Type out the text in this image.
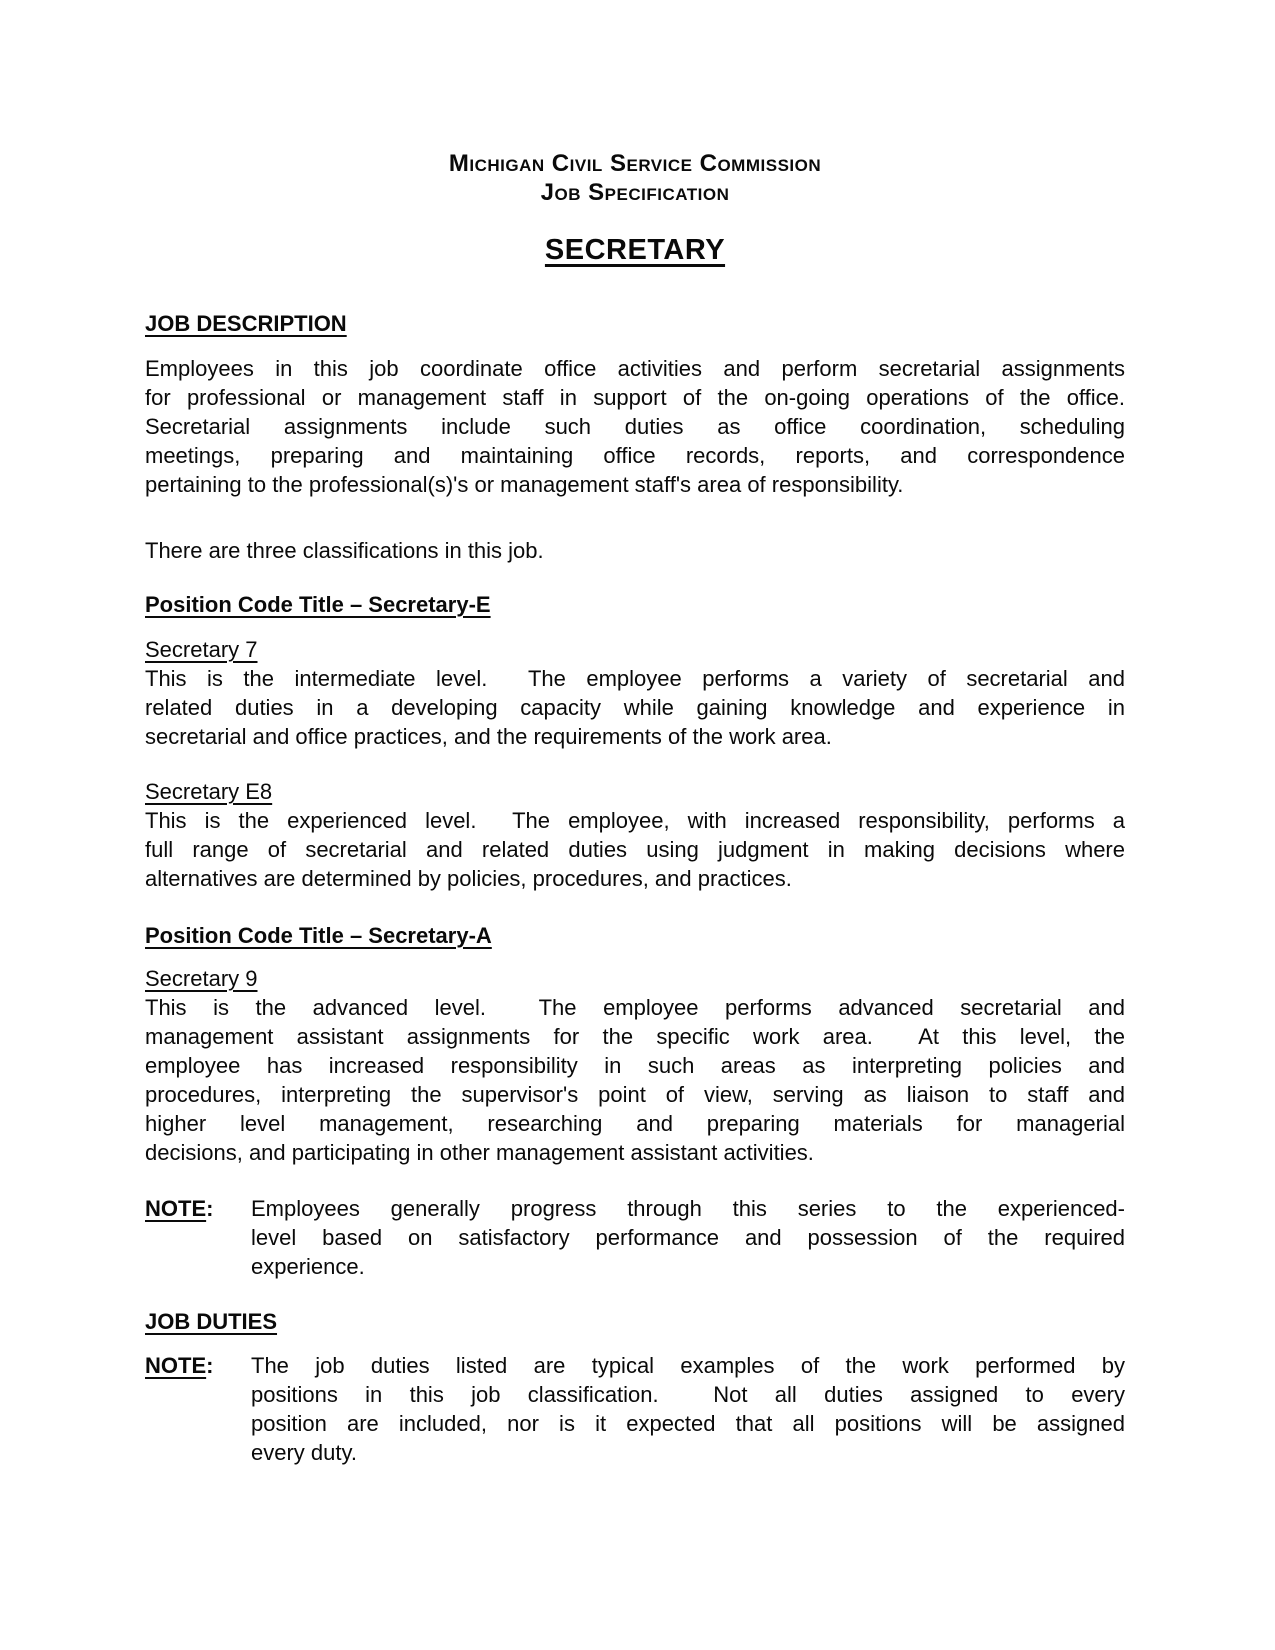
Michigan Civil Service Commission
Job Specification
SECRETARY
JOB DESCRIPTION
Employees in this job coordinate office activities and perform secretarial assignments
for professional or management staff in support of the on-going operations of the office.
Secretarial assignments include such duties as office coordination, scheduling
meetings, preparing and maintaining office records, reports, and correspondence
pertaining to the professional(s)'s or management staff's area of responsibility.
There are three classifications in this job.
Position Code Title – Secretary-E
Secretary 7
This is the intermediate level.  The employee performs a variety of secretarial and
related duties in a developing capacity while gaining knowledge and experience in
secretarial and office practices, and the requirements of the work area.
Secretary E8
This is the experienced level.  The employee, with increased responsibility, performs a
full range of secretarial and related duties using judgment in making decisions where
alternatives are determined by policies, procedures, and practices.
Position Code Title – Secretary-A
Secretary 9
This is the advanced level.  The employee performs advanced secretarial and
management assistant assignments for the specific work area.  At this level, the
employee has increased responsibility in such areas as interpreting policies and
procedures, interpreting the supervisor's point of view, serving as liaison to staff and
higher level management, researching and preparing materials for managerial
decisions, and participating in other management assistant activities.
NOTE: Employees generally progress through this series to the experienced-
level based on satisfactory performance and possession of the required
experience.
JOB DUTIES
NOTE: The job duties listed are typical examples of the work performed by
positions in this job classification.  Not all duties assigned to every
position are included, nor is it expected that all positions will be assigned
every duty.
